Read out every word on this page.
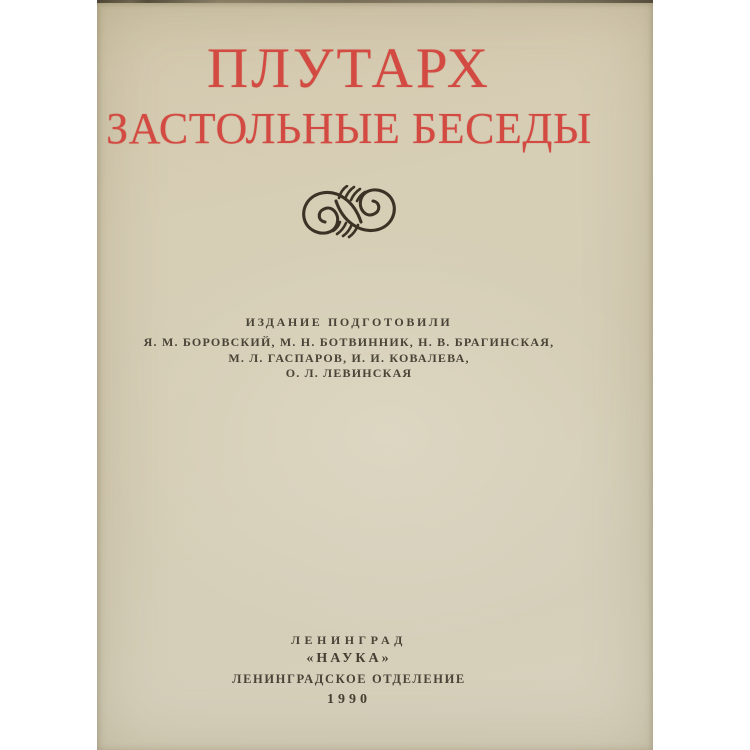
ПЛУТАРХ
ЗАСТОЛЬНЫЕ БЕСЕДЫ
ИЗДАНИЕ ПОДГОТОВИЛИ
Я. М. БОРОВСКИЙ, М. Н. БОТВИННИК, Н. В. БРАГИНСКАЯ,
М. Л. ГАСПАРОВ, И. И. КОВАЛЕВА,
О. Л. ЛЕВИНСКАЯ
ЛЕНИНГРАД
«НАУКА»
ЛЕНИНГРАДСКОЕ ОТДЕЛЕНИЕ
1990
